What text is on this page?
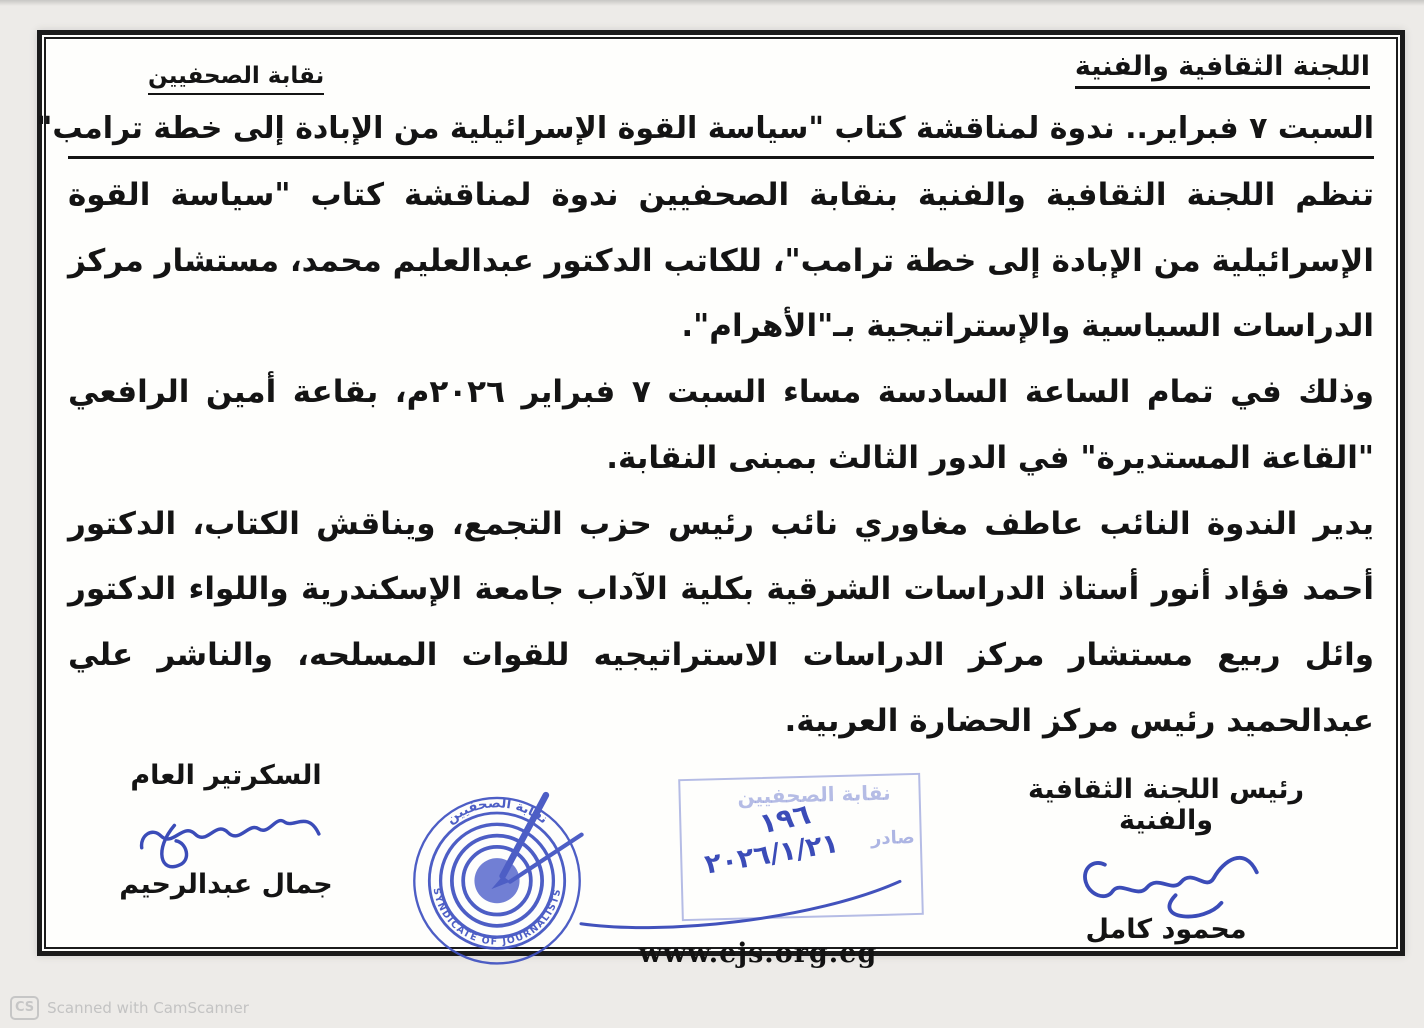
اللجنة الثقافية والفنية
نقابة الصحفيين
السبت ٧ فبراير.. ندوة لمناقشة كتاب "سياسة القوة الإسرائيلية من الإبادة إلى خطة ترامب"

تنظم اللجنة الثقافية والفنية بنقابة الصحفيين ندوة لمناقشة كتاب "سياسة القوة الإسرائيلية من الإبادة إلى خطة ترامب"، للكاتب الدكتور عبدالعليم محمد، مستشار مركز الدراسات السياسية والإستراتيجية بـ"الأهرام".

وذلك في تمام الساعة السادسة مساء السبت ٧ فبراير ٢٠٢٦م، بقاعة أمين الرافعي "القاعة المستديرة" في الدور الثالث بمبنى النقابة.

يدير الندوة النائب عاطف مغاوري نائب رئيس حزب التجمع، ويناقش الكتاب، الدكتور أحمد فؤاد أنور أستاذ الدراسات الشرقية بكلية الآداب جامعة الإسكندرية واللواء الدكتور وائل ربيع مستشار مركز الدراسات الاستراتيجيه للقوات المسلحه، والناشر علي عبدالحميد رئيس مركز الحضارة العربية.

رئيس اللجنة الثقافية والفنية
محمود كامل
السكرتير العام
جمال عبدالرحيم
نقابة الصحفيين
SYNDICATE OF JOURNALISTS
نقابة الصحفيين
صادر
١٩٦
٢٠٢٦/١/٢١
www.ejs.org.eg
CS Scanned with CamScanner
